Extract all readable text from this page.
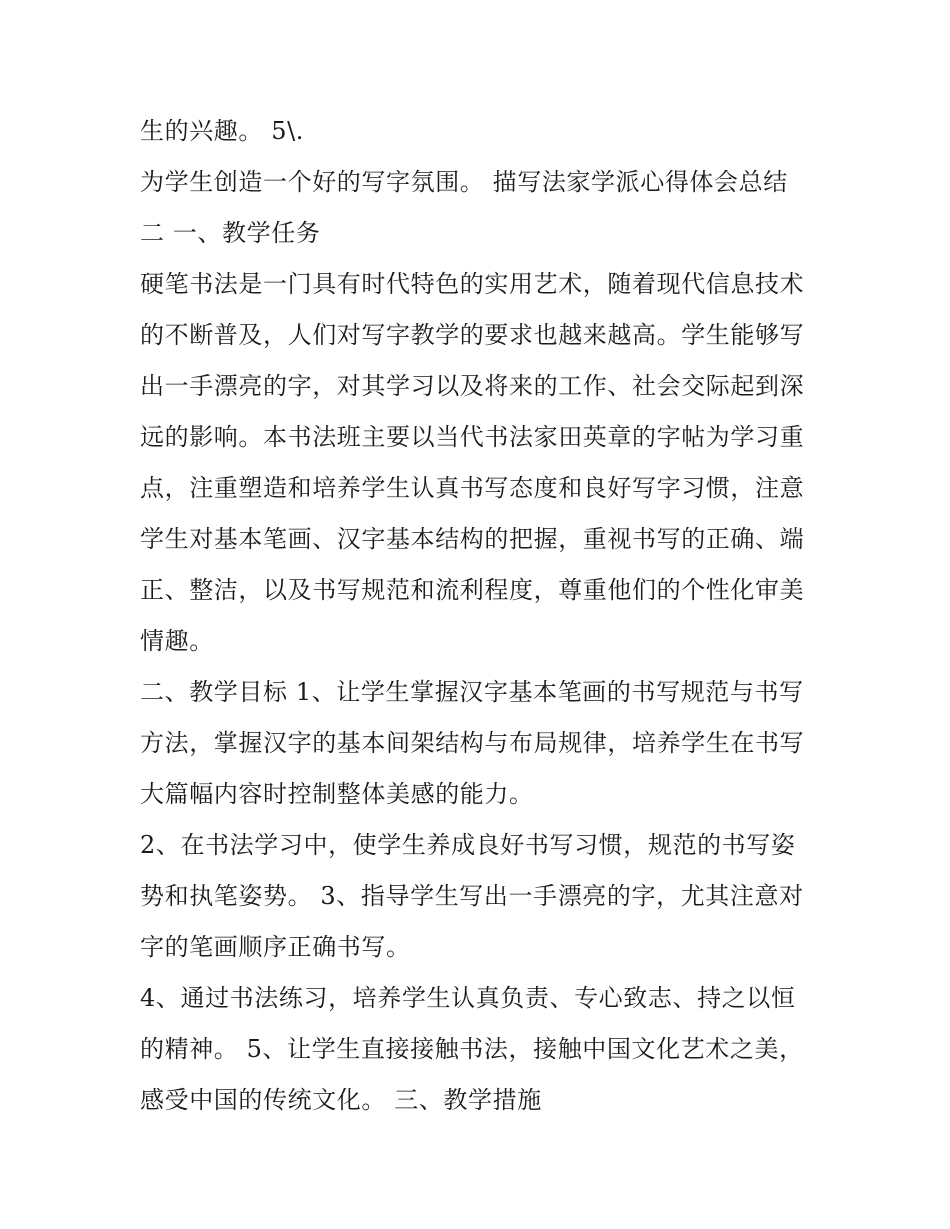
生的兴趣。 5\.
为学生创造一个好的写字氛围。 描写法家学派心得体会总结
二 一、教学任务
硬笔书法是一门具有时代特色的实用艺术，随着现代信息技术
的不断普及，人们对写字教学的要求也越来越高。学生能够写
出一手漂亮的字，对其学习以及将来的工作、社会交际起到深
远的影响。本书法班主要以当代书法家田英章的字帖为学习重
点，注重塑造和培养学生认真书写态度和良好写字习惯，注意
学生对基本笔画、汉字基本结构的把握，重视书写的正确、端
正、整洁，以及书写规范和流利程度，尊重他们的个性化审美
情趣。
二、教学目标 1、让学生掌握汉字基本笔画的书写规范与书写
方法，掌握汉字的基本间架结构与布局规律，培养学生在书写
大篇幅内容时控制整体美感的能力。
2、在书法学习中，使学生养成良好书写习惯，规范的书写姿
势和执笔姿势。 3、指导学生写出一手漂亮的字，尤其注意对
字的笔画顺序正确书写。
4、通过书法练习，培养学生认真负责、专心致志、持之以恒
的精神。 5、让学生直接接触书法，接触中国文化艺术之美，
感受中国的传统文化。 三、教学措施
